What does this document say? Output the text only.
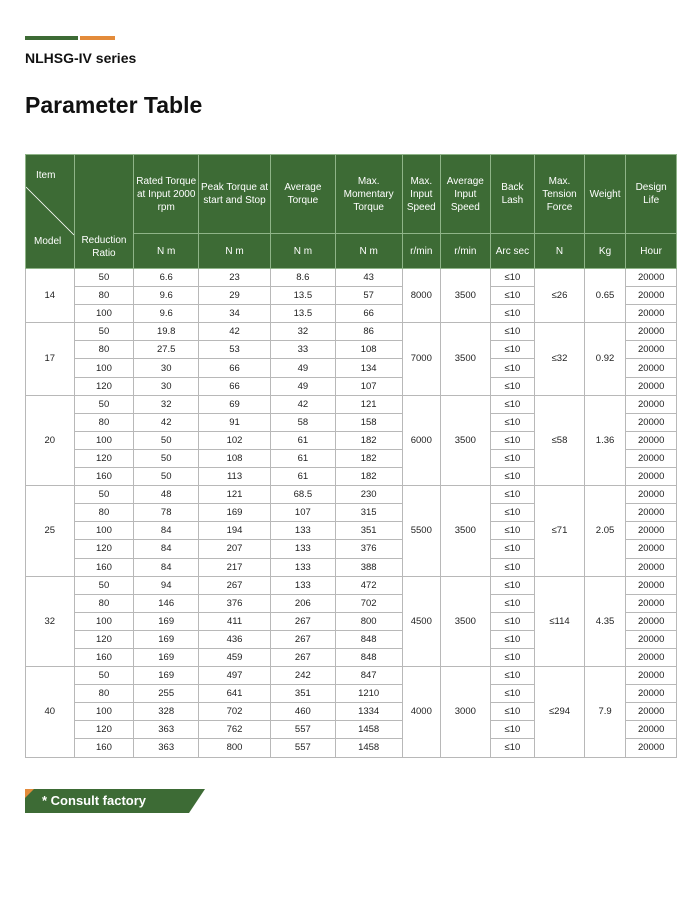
NLHSG-IV series
Parameter Table
Item
Model	Reduction Ratio	Rated Torque at Input 2000 rpm	Peak Torque at start and Stop	Average Torque	Max. Momentary Torque	Max. Input Speed	Average Input Speed	Back Lash	Max. Tension Force	Weight	Design Life
		N m	N m	N m	N m	r/min	r/min	Arc sec	N	Kg	Hour
14	50	6.6	23	8.6	43	8000	3500	≤10	≤26	0.65	20000
	80	9.6	29	13.5	57			≤10			20000
	100	9.6	34	13.5	66			≤10			20000
17	50	19.8	42	32	86	7000	3500	≤10	≤32	0.92	20000
	80	27.5	53	33	108			≤10			20000
	100	30	66	49	134			≤10			20000
	120	30	66	49	107			≤10			20000
20	50	32	69	42	121	6000	3500	≤10	≤58	1.36	20000
	80	42	91	58	158			≤10			20000
	100	50	102	61	182			≤10			20000
	120	50	108	61	182			≤10			20000
	160	50	113	61	182			≤10			20000
25	50	48	121	68.5	230	5500	3500	≤10	≤71	2.05	20000
	80	78	169	107	315			≤10			20000
	100	84	194	133	351			≤10			20000
	120	84	207	133	376			≤10			20000
	160	84	217	133	388			≤10			20000
32	50	94	267	133	472	4500	3500	≤10	≤114	4.35	20000
	80	146	376	206	702			≤10			20000
	100	169	411	267	800			≤10			20000
	120	169	436	267	848			≤10			20000
	160	169	459	267	848			≤10			20000
40	50	169	497	242	847	4000	3000	≤10	≤294	7.9	20000
	80	255	641	351	1210			≤10			20000
	100	328	702	460	1334			≤10			20000
	120	363	762	557	1458			≤10			20000
	160	363	800	557	1458			≤10			20000
* Consult factory
